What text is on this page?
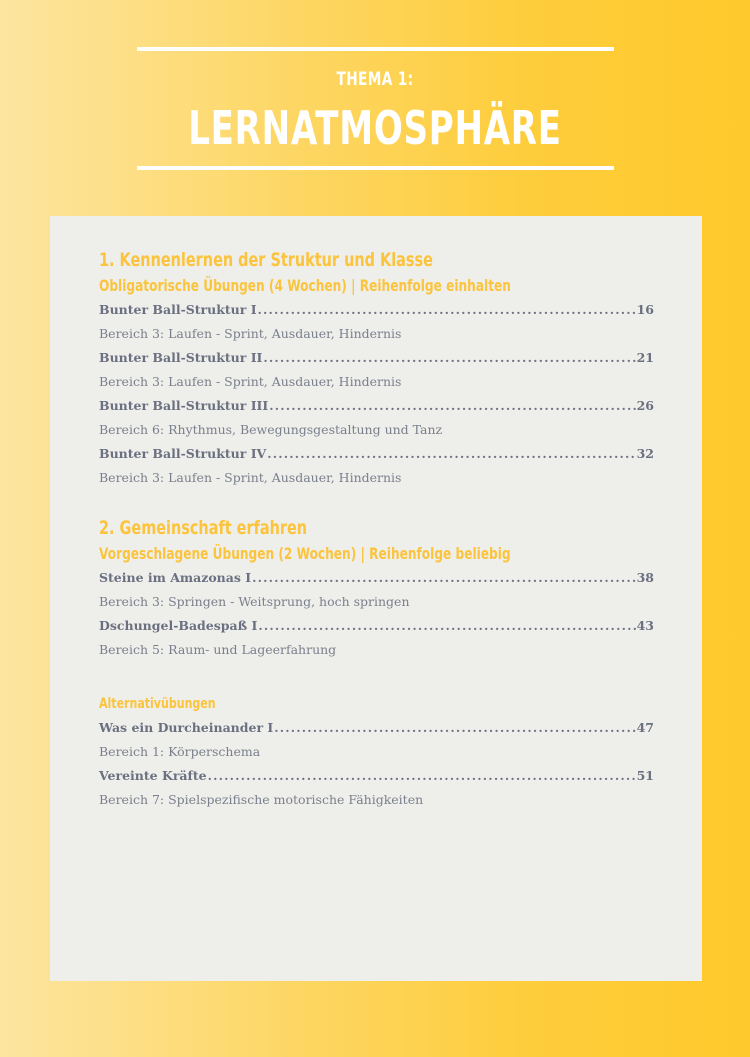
THEMA 1:
LERNATMOSPHÄRE
1. Kennenlernen der Struktur und Klasse
Obligatorische Übungen (4 Wochen) | Reihenfolge einhalten
Bunter Ball-Struktur I . . .	16
Bereich 3: Laufen - Sprint, Ausdauer, Hindernis
Bunter Ball-Struktur II . . .	21
Bereich 3: Laufen - Sprint, Ausdauer, Hindernis
Bunter Ball-Struktur III . . .	26
Bereich 6: Rhythmus, Bewegungsgestaltung und Tanz
Bunter Ball-Struktur IV . . .	32
Bereich 3: Laufen - Sprint, Ausdauer, Hindernis
2. Gemeinschaft erfahren
Vorgeschlagene Übungen (2 Wochen) | Reihenfolge beliebig
Steine im Amazonas I . . .	38
Bereich 3: Springen - Weitsprung, hoch springen
Dschungel-Badespaß I . . .	43
Bereich 5: Raum- und Lageerfahrung
Alternativübungen
Was ein Durcheinander I . . .	47
Bereich 1: Körperschema
Vereinte Kräfte . . .	51
Bereich 7: Spielspezifische motorische Fähigkeiten
